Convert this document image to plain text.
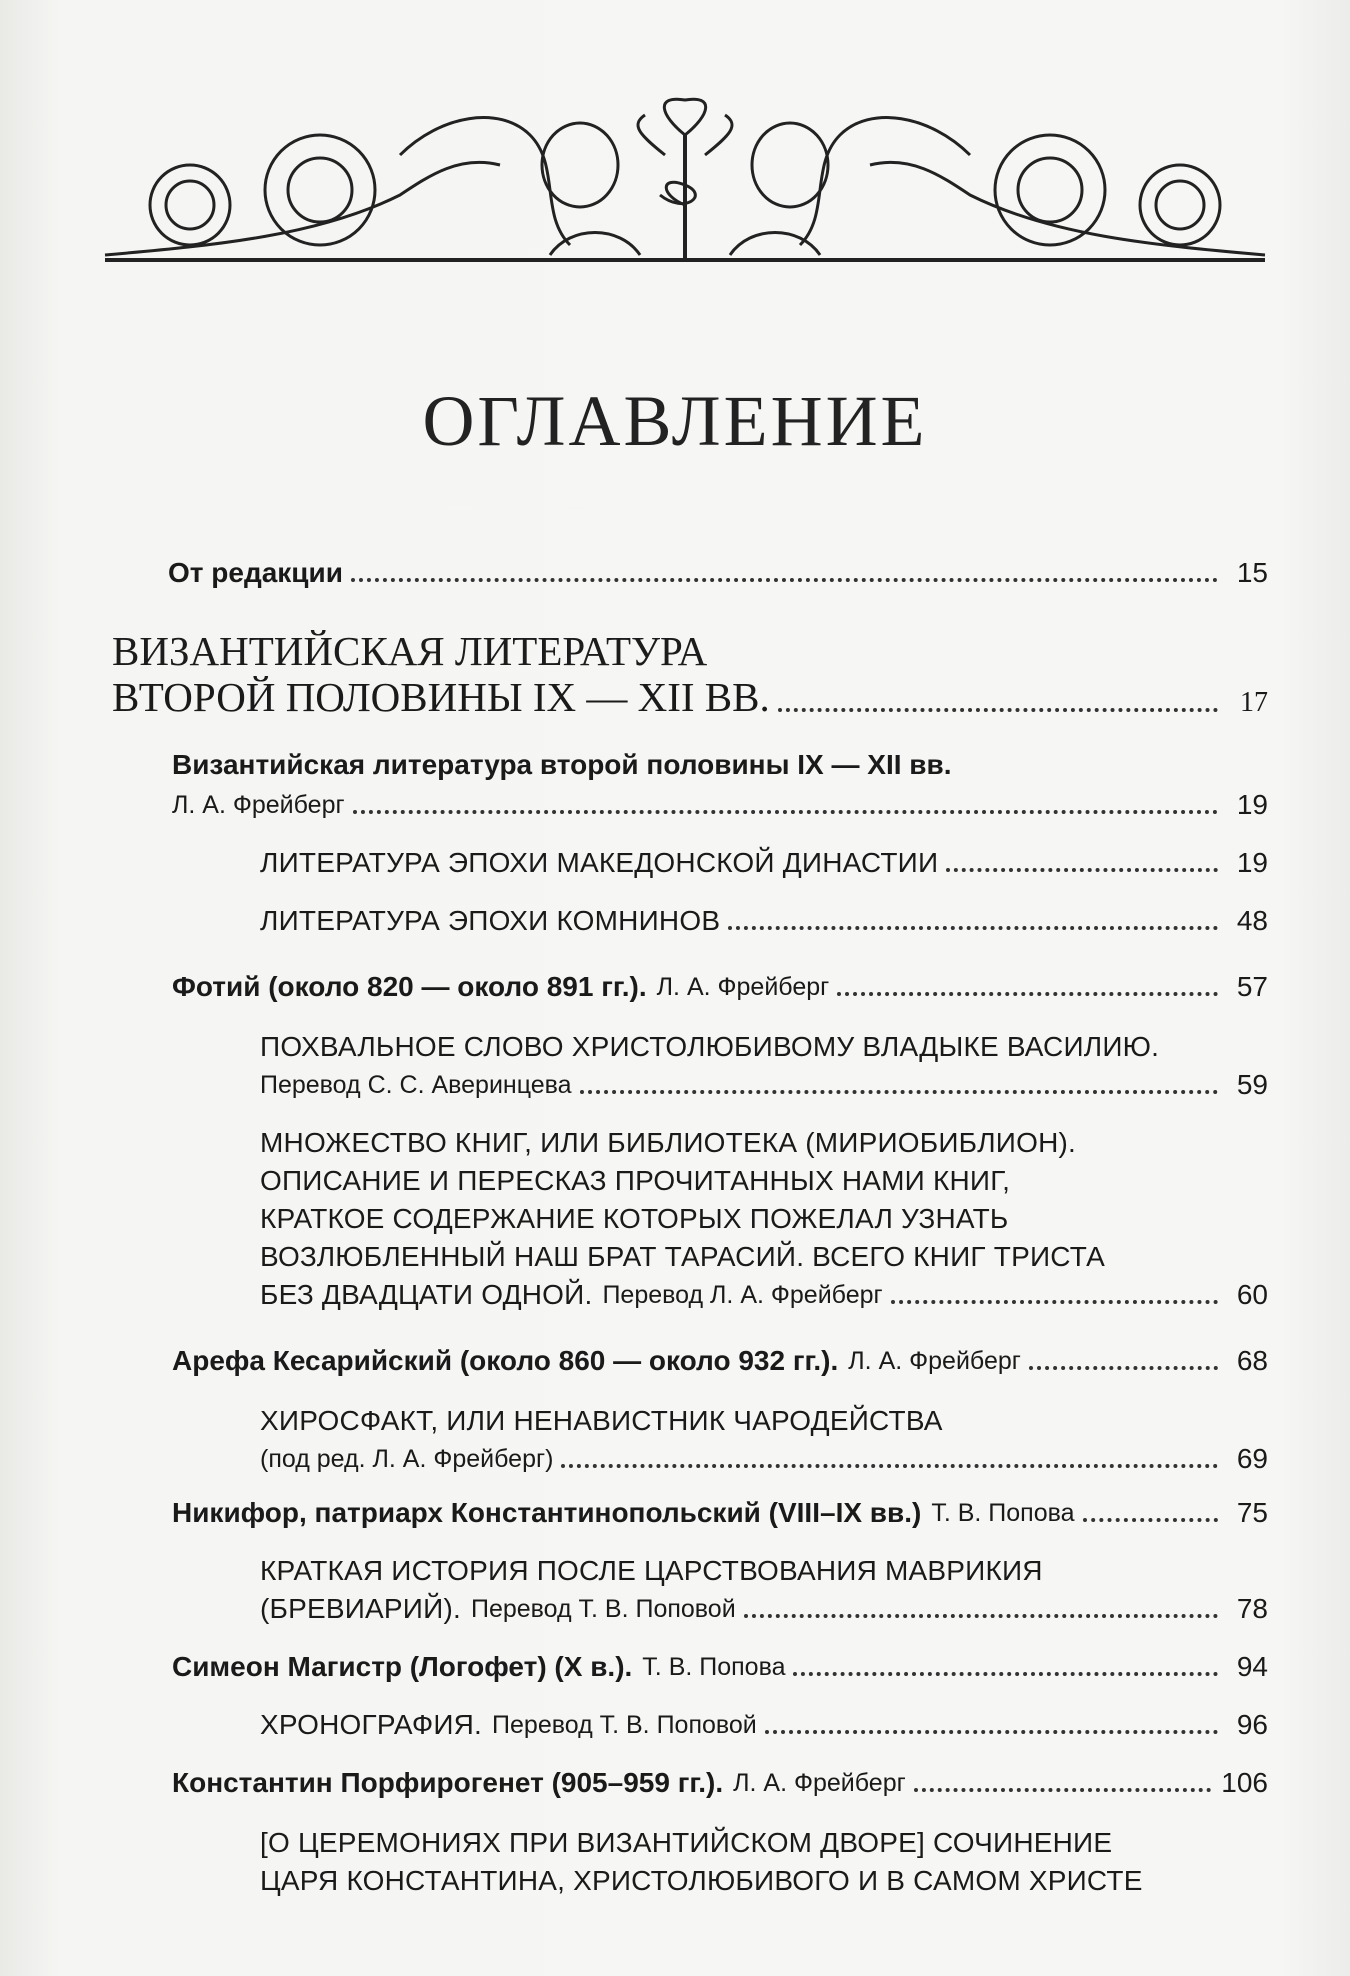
ОГЛАВЛЕНИЕ
От редакции	15
ВИЗАНТИЙСКАЯ ЛИТЕРАТУРА
ВТОРОЙ ПОЛОВИНЫ IX — XII ВВ.	17
Византийская литература второй половины IX — XII вв.
Л. А. Фрейберг	19
ЛИТЕРАТУРА ЭПОХИ МАКЕДОНСКОЙ ДИНАСТИИ	19
ЛИТЕРАТУРА ЭПОХИ КОМНИНОВ	48
Фотий (около 820 — около 891 гг.). Л. А. Фрейберг	57
ПОХВАЛЬНОЕ СЛОВО ХРИСТОЛЮБИВОМУ ВЛАДЫКЕ ВАСИЛИЮ.
Перевод С. С. Аверинцева	59
МНОЖЕСТВО КНИГ, ИЛИ БИБЛИОТЕКА (МИРИОБИБЛИОН).
ОПИСАНИЕ И ПЕРЕСКАЗ ПРОЧИТАННЫХ НАМИ КНИГ,
КРАТКОЕ СОДЕРЖАНИЕ КОТОРЫХ ПОЖЕЛАЛ УЗНАТЬ
ВОЗЛЮБЛЕННЫЙ НАШ БРАТ ТАРАСИЙ. ВСЕГО КНИГ ТРИСТА
БЕЗ ДВАДЦАТИ ОДНОЙ. Перевод Л. А. Фрейберг	60
Арефа Кесарийский (около 860 — около 932 гг.). Л. А. Фрейберг	68
ХИРОСФАКТ, ИЛИ НЕНАВИСТНИК ЧАРОДЕЙСТВА
(под ред. Л. А. Фрейберг)	69
Никифор, патриарх Константинопольский (VIII–IX вв.) Т. В. Попова	75
КРАТКАЯ ИСТОРИЯ ПОСЛЕ ЦАРСТВОВАНИЯ МАВРИКИЯ
(БРЕВИАРИЙ). Перевод Т. В. Поповой	78
Симеон Магистр (Логофет) (X в.). Т. В. Попова	94
ХРОНОГРАФИЯ. Перевод Т. В. Поповой	96
Константин Порфирогенет (905–959 гг.). Л. А. Фрейберг	106
[О ЦЕРЕМОНИЯХ ПРИ ВИЗАНТИЙСКОМ ДВОРЕ] СОЧИНЕНИЕ
ЦАРЯ КОНСТАНТИНА, ХРИСТОЛЮБИВОГО И В САМОМ ХРИСТЕ
